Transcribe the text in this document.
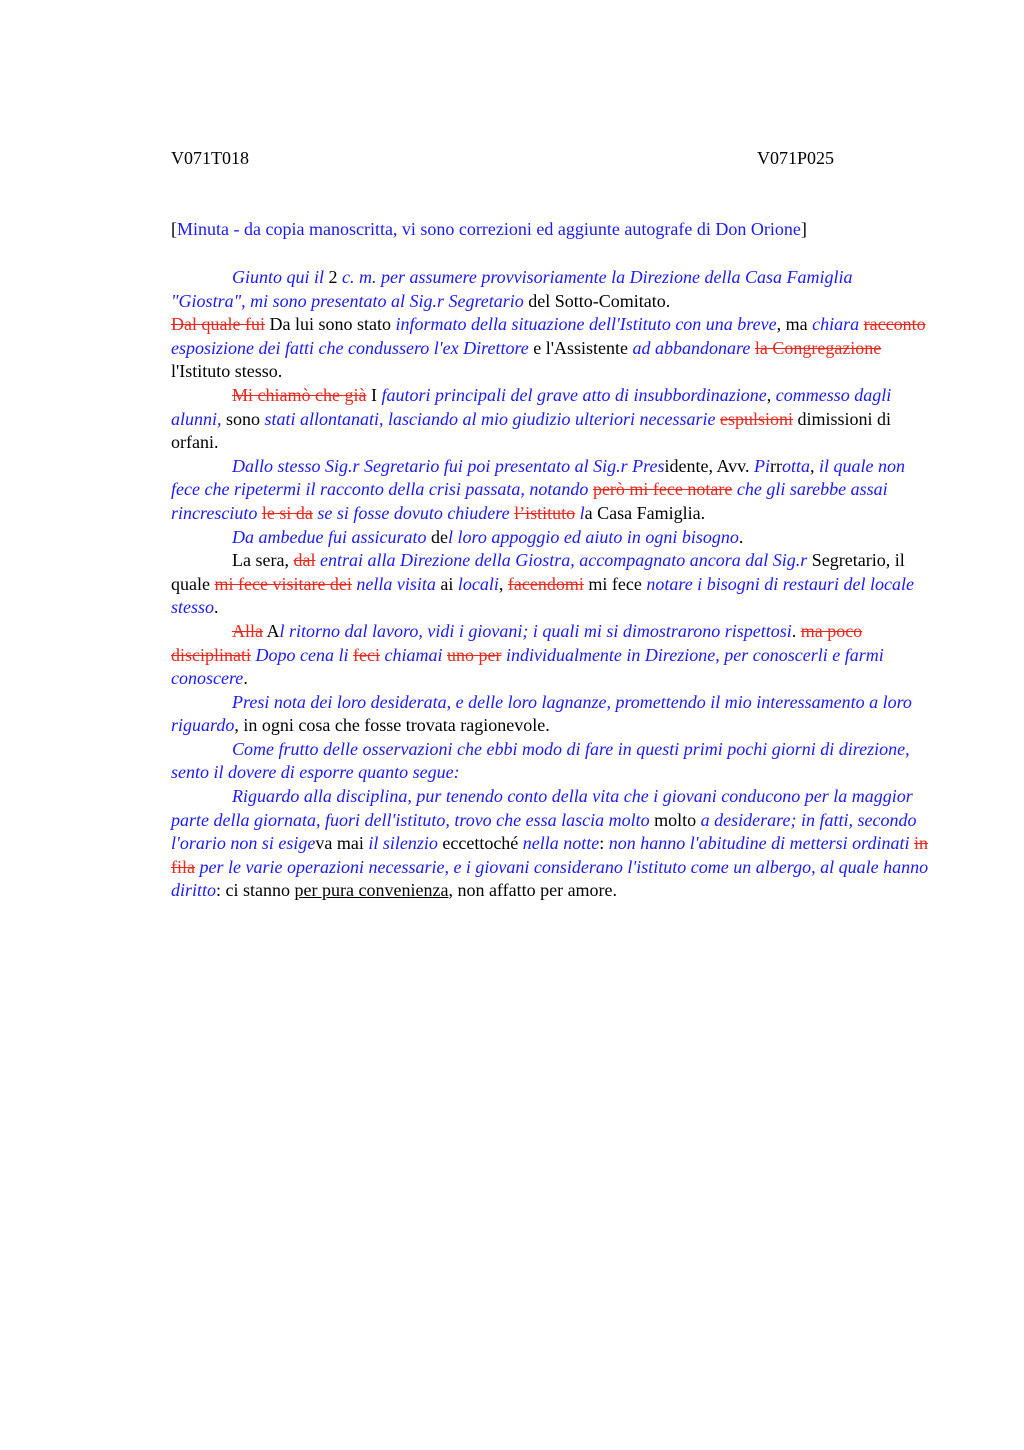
V071T018	V071P025
[Minuta - da copia manoscritta, vi sono correzioni ed aggiunte autografe di Don Orione]

Giunto qui il 2 c. m. per assumere provvisoriamente la Direzione della Casa Famiglia "Giostra", mi sono presentato al Sig.r Segretario del Sotto-Comitato.

Dal quale fui Da lui sono stato informato della situazione dell'Istituto con una breve, ma chiara racconto esposizione dei fatti che condussero l'ex Direttore e l'Assistente ad abbandonare la Congregazione l'Istituto stesso.

Mi chiamò che già I fautori principali del grave atto di insubbordinazione, commesso dagli alunni, sono stati allontanati, lasciando al mio giudizio ulteriori necessarie espulsioni dimissioni di orfani.

Dallo stesso Sig.r Segretario fui poi presentato al Sig.r Presidente, Avv. Pirrotta, il quale non fece che ripetermi il racconto della crisi passata, notando però mi fece notare che gli sarebbe assai rincresciuto le si da se si fosse dovuto chiudere l’istituto la Casa Famiglia.

Da ambedue fui assicurato del loro appoggio ed aiuto in ogni bisogno.

La sera, dal entrai alla Direzione della Giostra, accompagnato ancora dal Sig.r Segretario, il quale mi fece visitare dei nella visita ai locali, facendomi mi fece notare i bisogni di restauri del locale stesso.

Alla Al ritorno dal lavoro, vidi i giovani; i quali mi si dimostrarono rispettosi. ma poco disciplinati Dopo cena li feci chiamai uno per individualmente in Direzione, per conoscerli e farmi conoscere.

Presi nota dei loro desiderata, e delle loro lagnanze, promettendo il mio interessamento a loro riguardo, in ogni cosa che fosse trovata ragionevole.

Come frutto delle osservazioni che ebbi modo di fare in questi primi pochi giorni di direzione, sento il dovere di esporre quanto segue:

Riguardo alla disciplina, pur tenendo conto della vita che i giovani conducono per la maggior parte della giornata, fuori dell'istituto, trovo che essa lascia molto molto a desiderare; in fatti, secondo l'orario non si esigeva mai il silenzio eccettoché nella notte: non hanno l'abitudine di mettersi ordinati in fila per le varie operazioni necessarie, e i giovani considerano l'istituto come un albergo, al quale hanno diritto: ci stanno per pura convenienza, non affatto per amore.
